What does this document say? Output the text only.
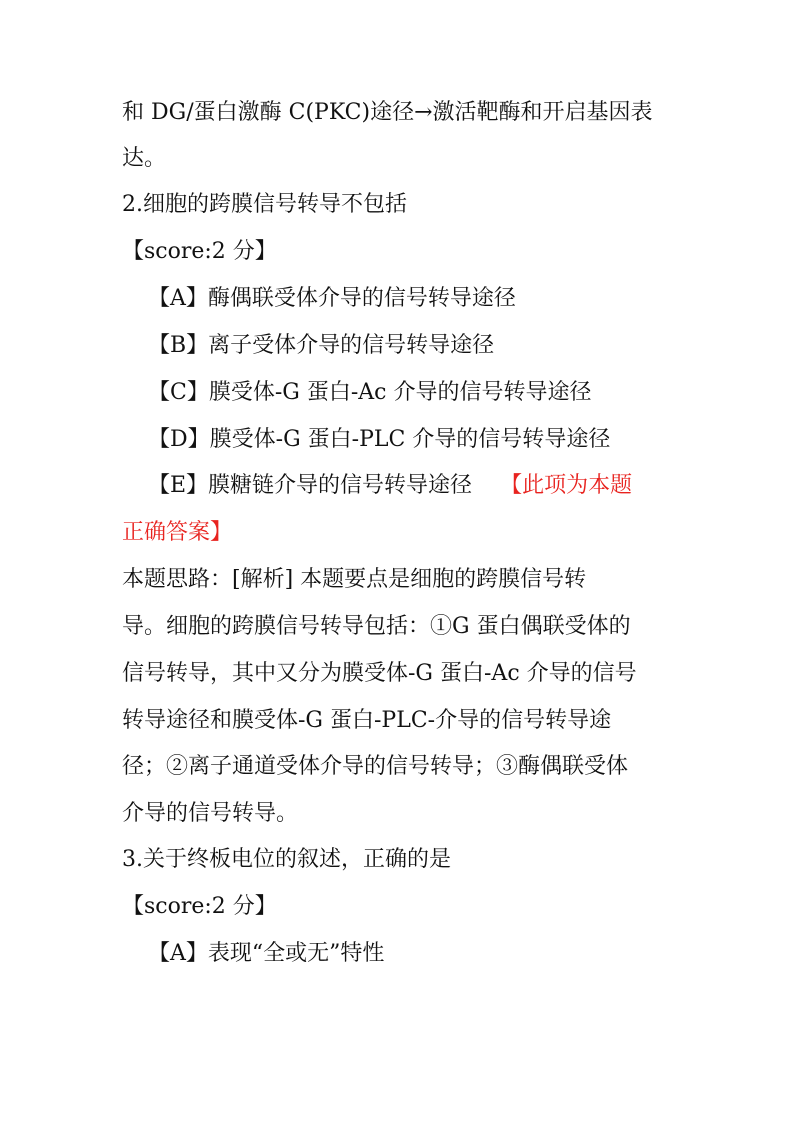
和 DG/蛋白激酶 C(PKC)途径→激活靶酶和开启基因表
达。
2.细胞的跨膜信号转导不包括
【score:2 分】
【A】酶偶联受体介导的信号转导途径
【B】离子受体介导的信号转导途径
【C】膜受体-G 蛋白-Ac 介导的信号转导途径
【D】膜受体-G 蛋白-PLC 介导的信号转导途径
【E】膜糖链介导的信号转导途径 【此项为本题
正确答案】
本题思路：[解析] 本题要点是细胞的跨膜信号转
导。细胞的跨膜信号转导包括：①G 蛋白偶联受体的
信号转导，其中又分为膜受体-G 蛋白-Ac 介导的信号
转导途径和膜受体-G 蛋白-PLC-介导的信号转导途
径；②离子通道受体介导的信号转导；③酶偶联受体
介导的信号转导。
3.关于终板电位的叙述，正确的是
【score:2 分】
【A】表现“全或无”特性
